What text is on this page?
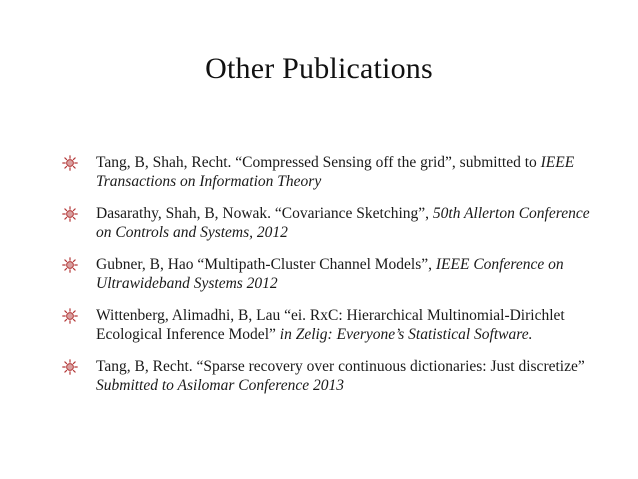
Other Publications
Tang, B, Shah, Recht. “Compressed Sensing off the grid”, submitted to IEEE Transactions on Information Theory
Dasarathy, Shah, B, Nowak. “Covariance Sketching”, 50th Allerton Conference on Controls and Systems, 2012
Gubner, B, Hao “Multipath-Cluster Channel Models”, IEEE Conference on Ultrawideband Systems 2012
Wittenberg, Alimadhi, B, Lau “ei. RxC: Hierarchical Multinomial-Dirichlet Ecological Inference Model” in Zelig: Everyone’s Statistical Software.
Tang, B, Recht. “Sparse recovery over continuous dictionaries: Just discretize” Submitted to Asilomar Conference 2013
